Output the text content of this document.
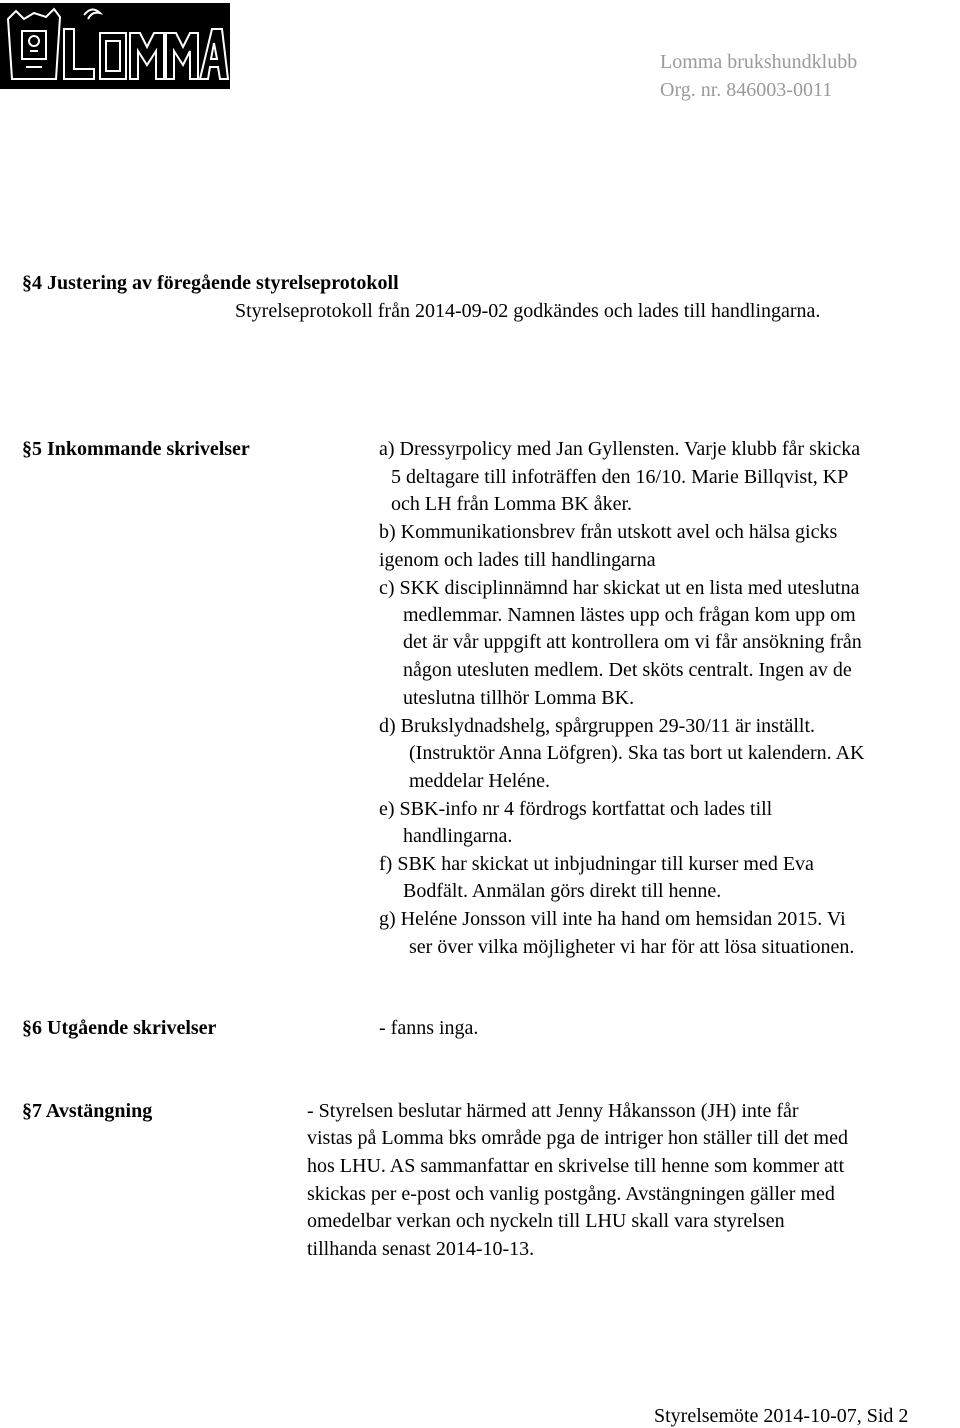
Lomma brukshundklubb
Org. nr. 846003-0011
§4 Justering av föregående styrelseprotokoll
Styrelseprotokoll från 2014-09-02 godkändes och lades till handlingarna.
§5 Inkommande skrivelser	a) Dressyrpolicy med Jan Gyllensten. Varje klubb får skicka
5 deltagare till infoträffen den 16/10. Marie Billqvist, KP
och LH från Lomma BK åker.
b) Kommunikationsbrev från utskott avel och hälsa gicks
igenom och lades till handlingarna
c) SKK disciplinnämnd har skickat ut en lista med uteslutna
medlemmar. Namnen lästes upp och frågan kom upp om
det är vår uppgift att kontrollera om vi får ansökning från
någon utesluten medlem. Det sköts centralt. Ingen av de
uteslutna tillhör Lomma BK.
d) Brukslydnadshelg, spårgruppen 29-30/11 är inställt.
(Instruktör Anna Löfgren). Ska tas bort ut kalendern. AK
meddelar Heléne.
e) SBK-info nr 4 fördrogs kortfattat och lades till
handlingarna.
f) SBK har skickat ut inbjudningar till kurser med Eva
Bodfält. Anmälan görs direkt till henne.
g) Heléne Jonsson vill inte ha hand om hemsidan 2015. Vi
ser över vilka möjligheter vi har för att lösa situationen.
§6 Utgående skrivelser	- fanns inga.
§7 Avstängning	- Styrelsen beslutar härmed att Jenny Håkansson (JH) inte får
vistas på Lomma bks område pga de intriger hon ställer till det med
hos LHU. AS sammanfattar en skrivelse till henne som kommer att
skickas per e-post och vanlig postgång. Avstängningen gäller med
omedelbar verkan och nyckeln till LHU skall vara styrelsen
tillhanda senast 2014-10-13.
Styrelsemöte 2014-10-07, Sid 2
